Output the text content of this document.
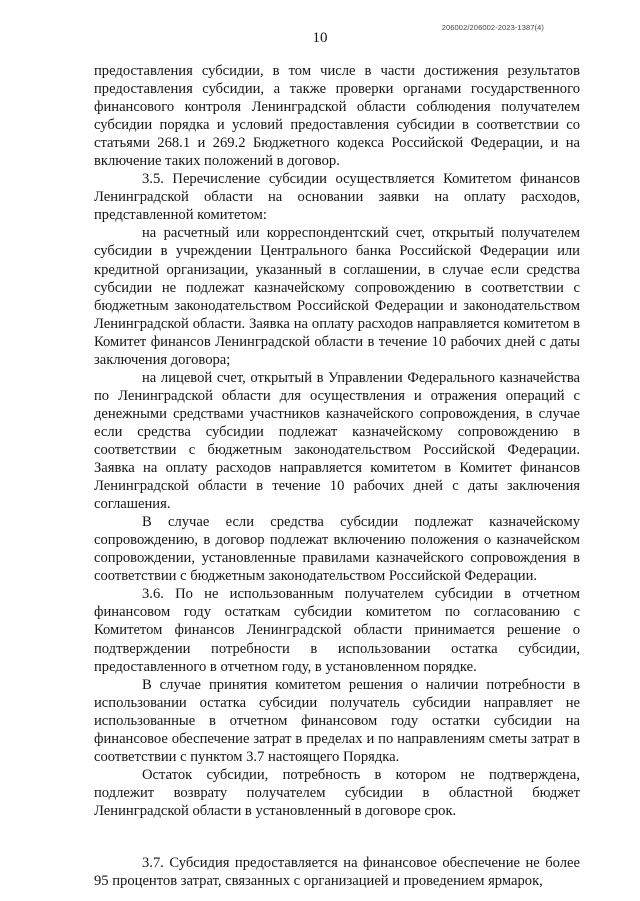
206002/206002-2023-1387(4)
10

предоставления субсидии, в том числе в части достижения результатов предоставления субсидии, а также проверки органами государственного финансового контроля Ленинградской области соблюдения получателем субсидии порядка и условий предоставления субсидии в соответствии со статьями 268.1 и 269.2 Бюджетного кодекса Российской Федерации, и на включение таких положений в договор.

3.5. Перечисление субсидии осуществляется Комитетом финансов Ленинградской области на основании заявки на оплату расходов, представленной комитетом:

на расчетный или корреспондентский счет, открытый получателем субсидии в учреждении Центрального банка Российской Федерации или кредитной организации, указанный в соглашении, в случае если средства субсидии не подлежат казначейскому сопровождению в соответствии с бюджетным законодательством Российской Федерации и законодательством Ленинградской области. Заявка на оплату расходов направляется комитетом в Комитет финансов Ленинградской области в течение 10 рабочих дней с даты заключения договора;

на лицевой счет, открытый в Управлении Федерального казначейства по Ленинградской области для осуществления и отражения операций с денежными средствами участников казначейского сопровождения, в случае если средства субсидии подлежат казначейскому сопровождению в соответствии с бюджетным законодательством Российской Федерации. Заявка на оплату расходов направляется комитетом в Комитет финансов Ленинградской области в течение 10 рабочих дней с даты заключения соглашения.

В случае если средства субсидии подлежат казначейскому сопровождению, в договор подлежат включению положения о казначейском сопровождении, установленные правилами казначейского сопровождения в соответствии с бюджетным законодательством Российской Федерации.

3.6. По не использованным получателем субсидии в отчетном финансовом году остаткам субсидии комитетом по согласованию с Комитетом финансов Ленинградской области принимается решение о подтверждении потребности в использовании остатка субсидии, предоставленного в отчетном году, в установленном порядке.

В случае принятия комитетом решения о наличии потребности в использовании остатка субсидии получатель субсидии направляет не использованные в отчетном финансовом году остатки субсидии на финансовое обеспечение затрат в пределах и по направлениям сметы затрат в соответствии с пунктом 3.7 настоящего Порядка.

Остаток субсидии, потребность в котором не подтверждена, подлежит возврату получателем субсидии в областной бюджет Ленинградской области в установленный в договоре срок.

3.7. Субсидия предоставляется на финансовое обеспечение не более 95 процентов затрат, связанных с организацией и проведением ярмарок,
